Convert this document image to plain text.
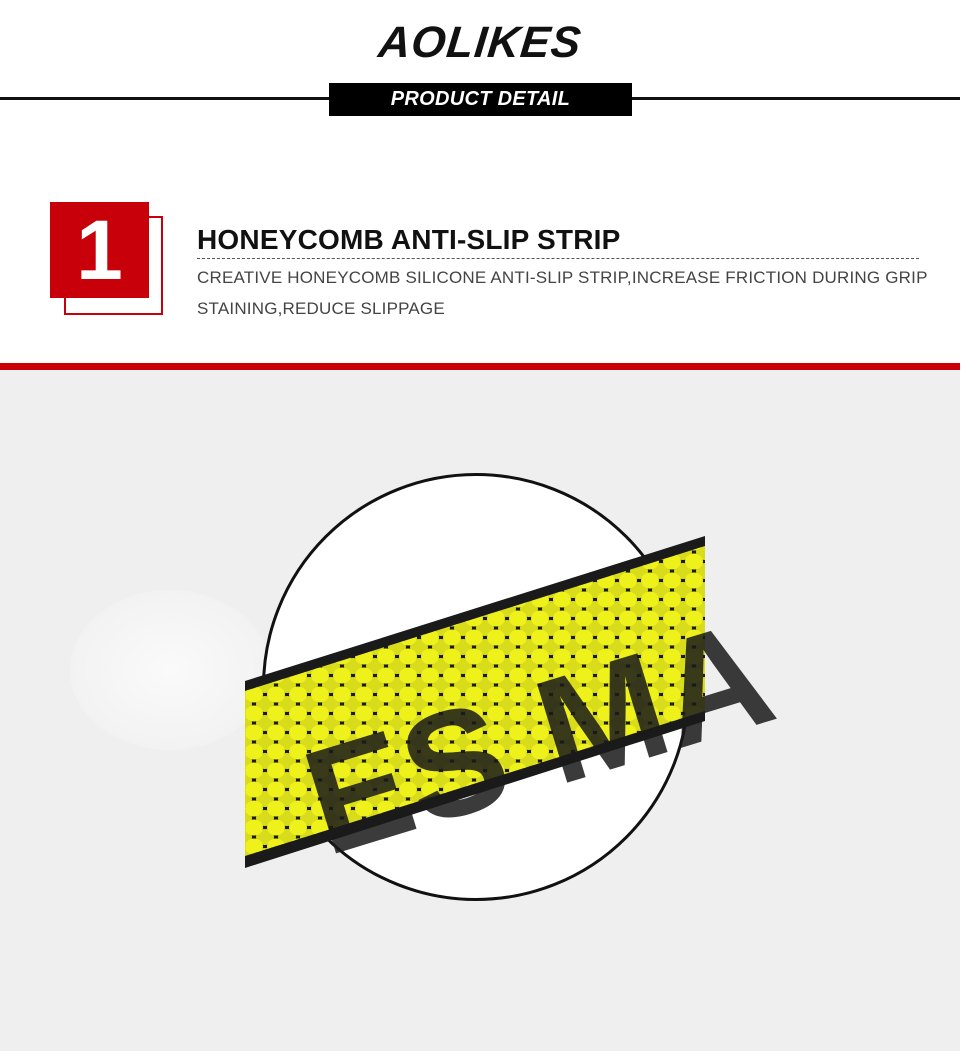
AOLIKES
PRODUCT DETAIL
1	HONEYCOMB ANTI-SLIP STRIP
CREATIVE HONEYCOMB SILICONE ANTI-SLIP STRIP,INCREASE FRICTION DURING GRIP STAINING,REDUCE SLIPPAGE
ES MA
